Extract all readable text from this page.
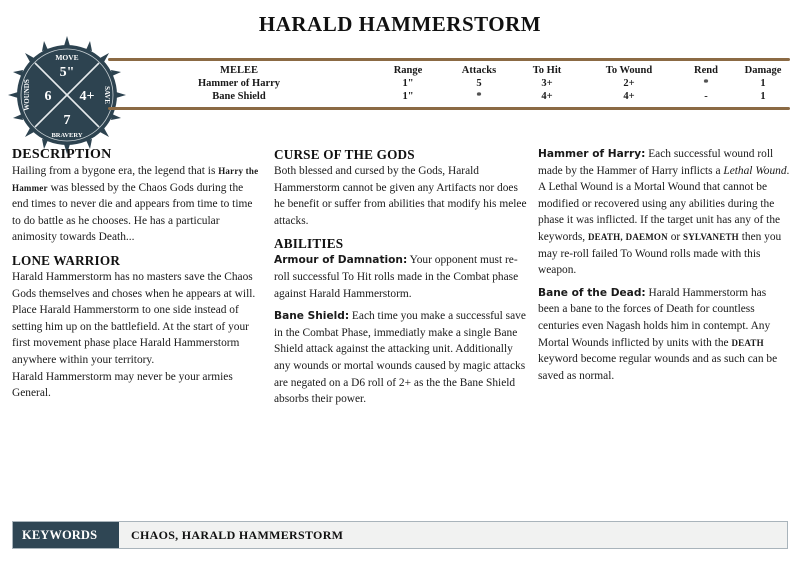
HARALD HAMMERSTORM
MOVE
5"
6 4+
7
BRAVERY
WOUNDS	SAVE
MELEE	Range	Attacks	To Hit	To Wound	Rend	Damage
Hammer of Harry	1"	5	3+	2+	*	1
Bane Shield	1"	*	4+	4+	-	1
DESCRIPTION

Hailing from a bygone era, the legend that is Harry the Hammer was blessed by the Chaos Gods during the end times to never die and appears from time to time to do battle as he chooses. He has a particular animosity towards Death...

LONE WARRIOR
Harald Hammerstorm has no masters save the Chaos Gods themselves and choses when he appears at will. Place Harald Hammerstorm to one side instead of setting him up on the battlefield. At the start of your first movement phase place Harald Hammerstorm anywhere within your territory.
Harald Hammerstorm may never be your armies General.
CURSE OF THE GODS

Both blessed and cursed by the Gods, Harald Hammerstorm cannot be given any Artifacts nor does he benefit or suffer from abilities that modify his melee attacks.

ABILITIES

Armour of Damnation: Your opponent must re-roll successful To Hit rolls made in the Combat phase against Harald Hammerstorm.

Bane Shield: Each time you make a successful save in the Combat Phase, immediatly make a single Bane Shield attack against the attacking unit. Additionally any wounds or mortal wounds caused by magic attacks are negated on a D6 roll of 2+ as the the Bane Shield absorbs their power.

Hammer of Harry: Each successful wound roll made by the Hammer of Harry inflicts a Lethal Wound. A Lethal Wound is a Mortal Wound that cannot be modified or recovered using any abilities during the phase it was inflicted. If the target unit has any of the keywords, DEATH, DAEMON or SYLVANETH then you may re-roll failed To Wound rolls made with this weapon.

Bane of the Dead: Harald Hammerstorm has been a bane to the forces of Death for countless centuries even Nagash holds him in contempt. Any Mortal Wounds inflicted by units with the DEATH keyword become regular wounds and as such can be saved as normal.

KEYWORDS	CHAOS, HARALD HAMMERSTORM
